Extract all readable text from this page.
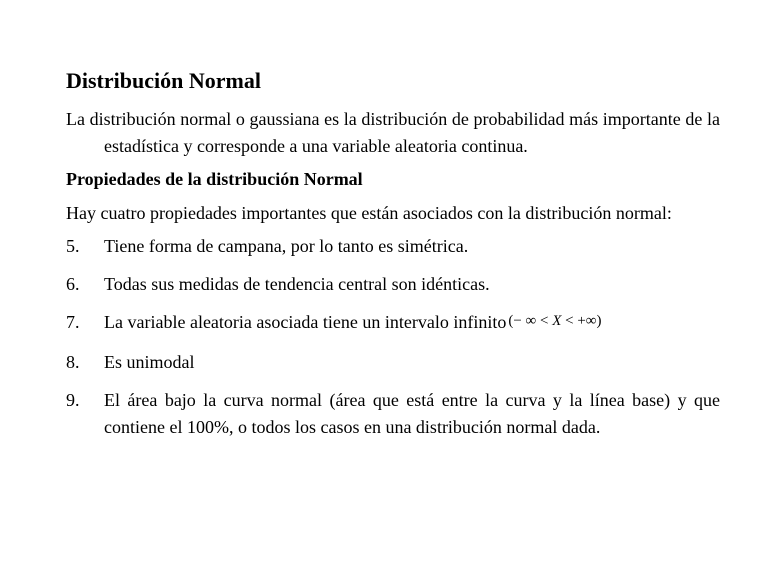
Distribución Normal

La distribución normal o gaussiana es la distribución de probabilidad más importante de la estadística y corresponde a una variable aleatoria continua.

Propiedades de la distribución Normal

Hay cuatro propiedades importantes que están asociados con la distribución normal:

5.	Tiene forma de campana, por lo tanto es simétrica.
6.	Todas sus medidas de tendencia central son idénticas.
7.	La variable aleatoria asociada tiene un intervalo infinito (− ∞ < X < +∞)
8.	Es unimodal
9.	El área bajo la curva normal (área que está entre la curva y la línea base) y que contiene el 100%, o todos los casos en una distribución normal dada.
